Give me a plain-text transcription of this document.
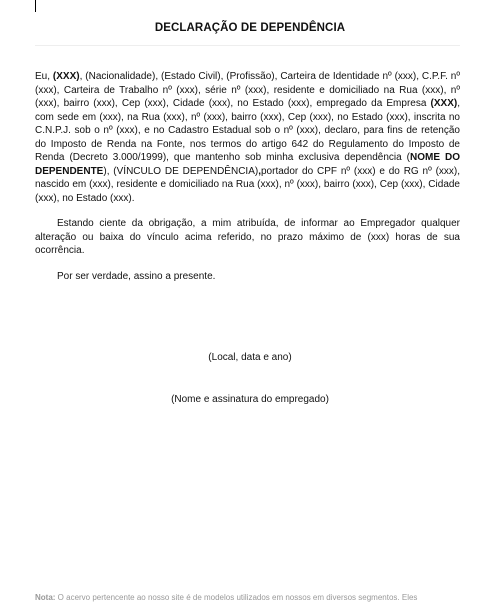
DECLARAÇÃO DE DEPENDÊNCIA

Eu, (XXX), (Nacionalidade), (Estado Civil), (Profissão), Carteira de Identidade nº (xxx), C.P.F. nº (xxx), Carteira de Trabalho nº (xxx), série nº (xxx), residente e domiciliado na Rua (xxx), nº (xxx), bairro (xxx), Cep (xxx), Cidade (xxx), no Estado (xxx), empregado da Empresa (XXX), com sede em (xxx), na Rua (xxx), nº (xxx), bairro (xxx), Cep (xxx), no Estado (xxx), inscrita no C.N.P.J. sob o nº (xxx), e no Cadastro Estadual sob o nº (xxx), declaro, para fins de retenção do Imposto de Renda na Fonte, nos termos do artigo 642 do Regulamento do Imposto de Renda (Decreto 3.000/1999), que mantenho sob minha exclusiva dependência (NOME DO DEPENDENTE), (VÍNCULO DE DEPENDÊNCIA),portador do CPF nº (xxx) e do RG nº (xxx), nascido em (xxx), residente e domiciliado na Rua (xxx), nº (xxx), bairro (xxx), Cep (xxx), Cidade (xxx), no Estado (xxx).

Estando ciente da obrigação, a mim atribuída, de informar ao Empregador qualquer alteração ou baixa do vínculo acima referido, no prazo máximo de (xxx) horas de sua ocorrência.

Por ser verdade, assino a presente.

(Local, data e ano)
(Nome e assinatura do empregado)
Nota: O acervo pertencente ao nosso site é de modelos utilizados em nossos em diversos segmentos. Eles
